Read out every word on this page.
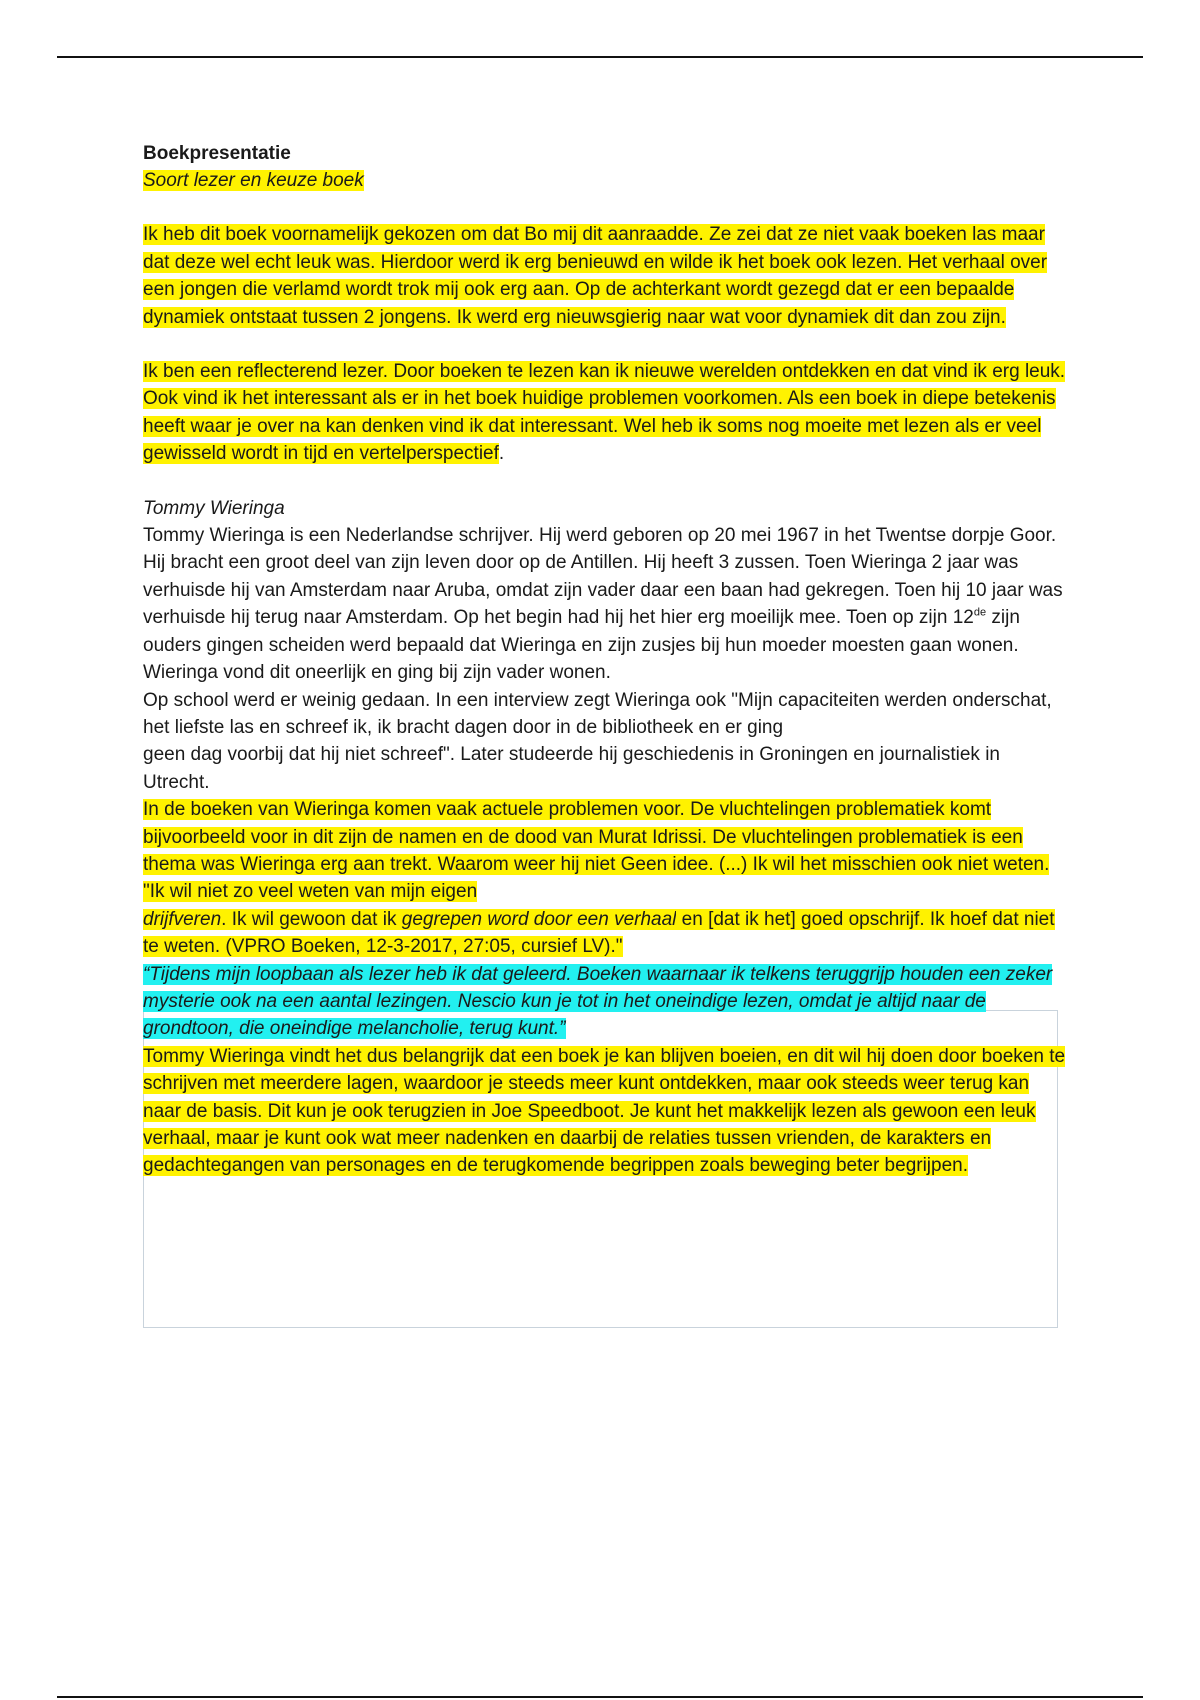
Boekpresentatie

Soort lezer en keuze boek

Ik heb dit boek voornamelijk gekozen om dat Bo mij dit aanraadde. Ze zei dat ze niet vaak boeken las maar dat deze wel echt leuk was. Hierdoor werd ik erg benieuwd en wilde ik het boek ook lezen. Het verhaal over een jongen die verlamd wordt trok mij ook erg aan. Op de achterkant wordt gezegd dat er een bepaalde dynamiek ontstaat tussen 2 jongens. Ik werd erg nieuwsgierig naar wat voor dynamiek dit dan zou zijn.

Ik ben een reflecterend lezer. Door boeken te lezen kan ik nieuwe werelden ontdekken en dat vind ik erg leuk. Ook vind ik het interessant als er in het boek huidige problemen voorkomen. Als een boek in diepe betekenis heeft waar je over na kan denken vind ik dat interessant. Wel heb ik soms nog moeite met lezen als er veel gewisseld wordt in tijd en vertelperspectief.

Tommy Wieringa

Tommy Wieringa is een Nederlandse schrijver. Hij werd geboren op 20 mei 1967 in het Twentse dorpje Goor. Hij bracht een groot deel van zijn leven door op de Antillen. Hij heeft 3 zussen. Toen Wieringa 2 jaar was verhuisde hij van Amsterdam naar Aruba, omdat zijn vader daar een baan had gekregen. Toen hij 10 jaar was verhuisde hij terug naar Amsterdam. Op het begin had hij het hier erg moeilijk mee. Toen op zijn 12de zijn ouders gingen scheiden werd bepaald dat Wieringa en zijn zusjes bij hun moeder moesten gaan wonen. Wieringa vond dit oneerlijk en ging bij zijn vader wonen.

Op school werd er weinig gedaan. In een interview zegt Wieringa ook "Mijn capaciteiten werden onderschat, het liefste las en schreef ik, ik bracht dagen door in de bibliotheek en er ging

geen dag voorbij dat hij niet schreef". Later studeerde hij geschiedenis in Groningen en journalistiek in Utrecht.

In de boeken van Wieringa komen vaak actuele problemen voor. De vluchtelingen problematiek komt bijvoorbeeld voor in dit zijn de namen en de dood van Murat Idrissi. De vluchtelingen problematiek is een thema was Wieringa erg aan trekt. Waarom weer hij niet Geen idee. (...) Ik wil het misschien ook niet weten. "Ik wil niet zo veel weten van mijn eigen

drijfveren. Ik wil gewoon dat ik gegrepen word door een verhaal en [dat ik het] goed opschrijf. Ik hoef dat niet te weten. (VPRO Boeken, 12-3-2017, 27:05, cursief LV)."

“Tijdens mijn loopbaan als lezer heb ik dat geleerd. Boeken waarnaar ik telkens teruggrijp houden een zeker mysterie ook na een aantal lezingen. Nescio kun je tot in het oneindige lezen, omdat je altijd naar de grondtoon, die oneindige melancholie, terug kunt.”

Tommy Wieringa vindt het dus belangrijk dat een boek je kan blijven boeien, en dit wil hij doen door boeken te schrijven met meerdere lagen, waardoor je steeds meer kunt ontdekken, maar ook steeds weer terug kan naar de basis. Dit kun je ook terugzien in Joe Speedboot. Je kunt het makkelijk lezen als gewoon een leuk verhaal, maar je kunt ook wat meer nadenken en daarbij de relaties tussen vrienden, de karakters en gedachtegangen van personages en de terugkomende begrippen zoals beweging beter begrijpen.
